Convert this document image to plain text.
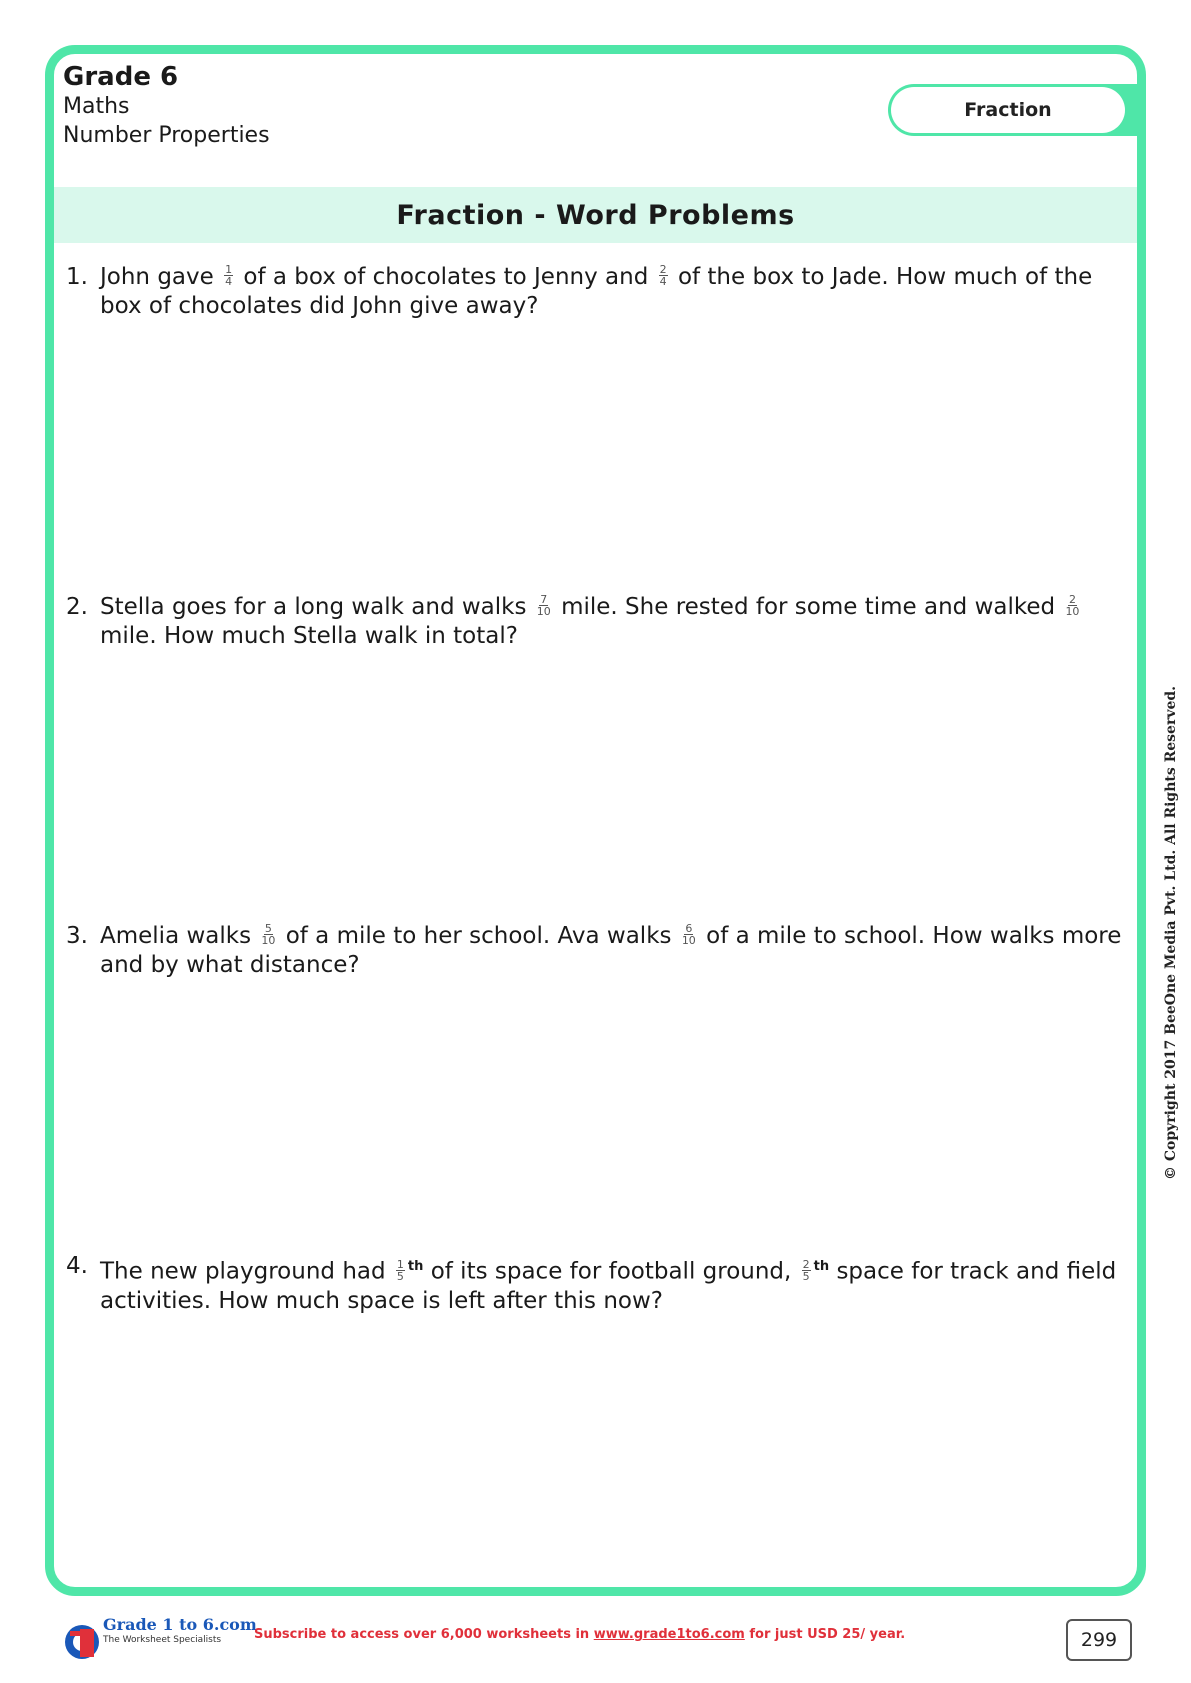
Grade 6
Maths
Number Properties
Fraction
Fraction - Word Problems
1. John gave $\frac{1}{4}$ of a box of chocolates to Jenny and $\frac{2}{4}$ of the box to Jade. How much of the box of chocolates did John give away?
2. Stella goes for a long walk and walks $\frac{7}{10}$ mile. She rested for some time and walked $\frac{2}{10}$
mile. How much Stella walk in total?
3. Amelia walks $\frac{5}{10}$ of a mile to her school. Ava walks $\frac{6}{10}$ of a mile to school. How walks more and by what distance?
4. The new playground had $\frac{1}{5} ^{th}$ of its space for football ground, $\frac{2}{5} ^{th}$ space for track and field activities. How much space is left after this now?
© Copyright 2017 BeeOne Media Pvt. Ltd. All Rights Reserved.
Grade 1 to 6.com
The Worksheet Specialists	Subscribe to access over 6,000 worksheets in www.grade1to6.com for just USD 25/ year.	299
